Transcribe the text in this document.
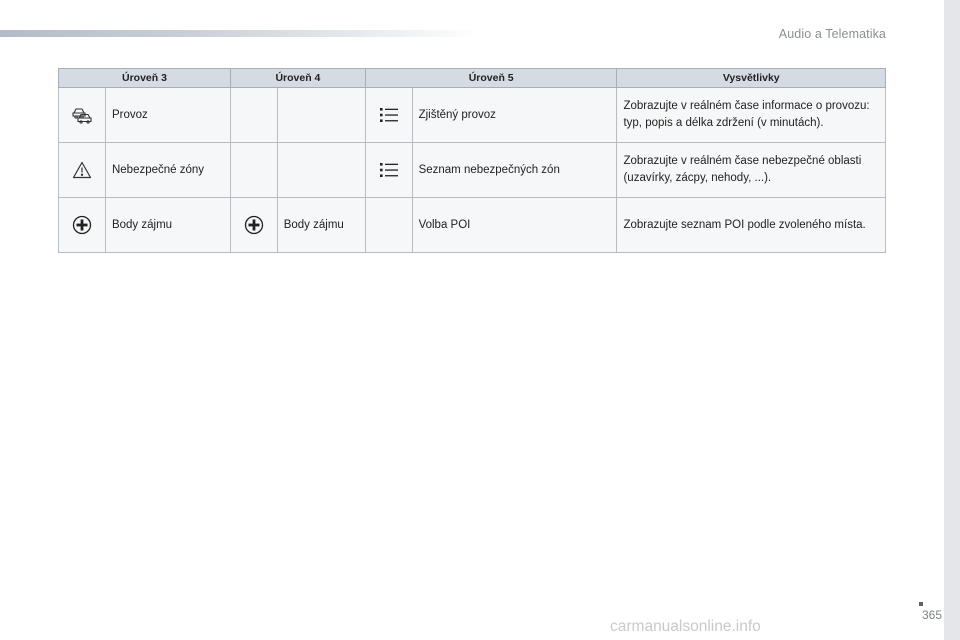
Audio a Telematika
Úroveň 3		Úroveň 4		Úroveň 5		Vysvětlivky

	Provoz				Zjištěný provoz	Zobrazujte v reálném čase informace o provozu: typ, popis a délka zdržení (v minutách).

	Nebezpečné zóny				Seznam nebezpečných zón	Zobrazujte v reálném čase nebezpečné oblasti (uzavírky, zácpy, nehody, ...).

	Body zájmu		Body zájmu		Volba POI	Zobrazujte seznam POI podle zvoleného místa.
365
carmanualsonline.info
